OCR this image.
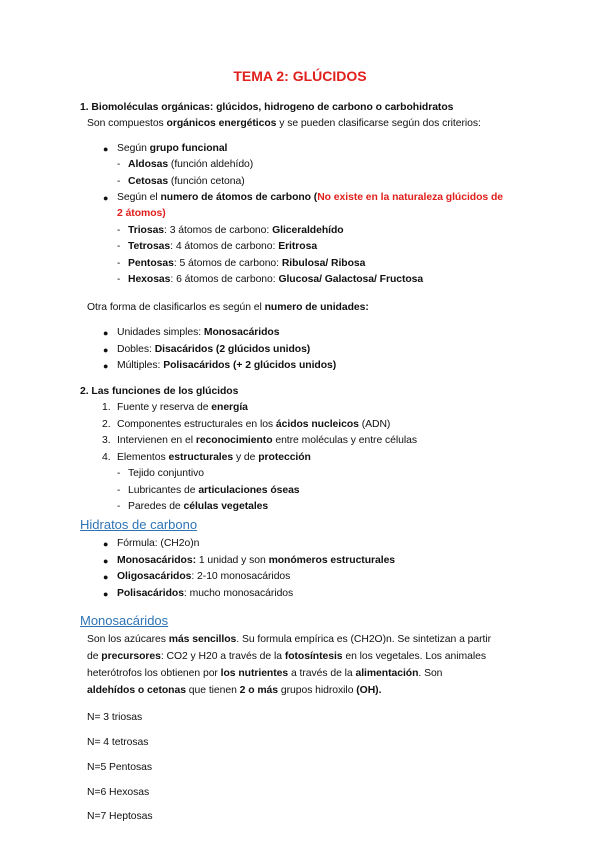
TEMA 2: GLÚCIDOS
1. Biomoléculas orgánicas: glúcidos, hidrogeno de carbono o carbohidratos
Son compuestos orgánicos energéticos y se pueden clasificarse según dos criterios:
● Según grupo funcional
- Aldosas (función aldehído)
- Cetosas (función cetona)
● Según el numero de átomos de carbono (No existe en la naturaleza glúcidos de
2 átomos)
- Triosas: 3 átomos de carbono: Gliceraldehído
- Tetrosas: 4 átomos de carbono: Eritrosa
- Pentosas: 5 átomos de carbono: Ribulosa/ Ribosa
- Hexosas: 6 átomos de carbono: Glucosa/ Galactosa/ Fructosa
Otra forma de clasificarlos es según el numero de unidades:
● Unidades simples: Monosacáridos
● Dobles: Disacáridos (2 glúcidos unidos)
● Múltiples: Polisacáridos (+ 2 glúcidos unidos)
2. Las funciones de los glúcidos
1. Fuente y reserva de energía
2. Componentes estructurales en los ácidos nucleicos (ADN)
3. Intervienen en el reconocimiento entre moléculas y entre células
4. Elementos estructurales y de protección
- Tejido conjuntivo
- Lubricantes de articulaciones óseas
- Paredes de células vegetales
Hidratos de carbono
● Fórmula: (CH2o)n
● Monosacáridos: 1 unidad y son monómeros estructurales
● Oligosacáridos: 2-10 monosacáridos
● Polisacáridos: mucho monosacáridos
Monosacáridos
Son los azúcares más sencillos. Su formula empírica es (CH2O)n. Se sintetizan a partir
de precursores: CO2 y H20 a través de la fotosíntesis en los vegetales. Los animales
heterótrofos los obtienen por los nutrientes a través de la alimentación. Son
aldehídos o cetonas que tienen 2 o más grupos hidroxilo (OH).
N= 3 triosas
N= 4 tetrosas
N=5 Pentosas
N=6 Hexosas
N=7 Heptosas
